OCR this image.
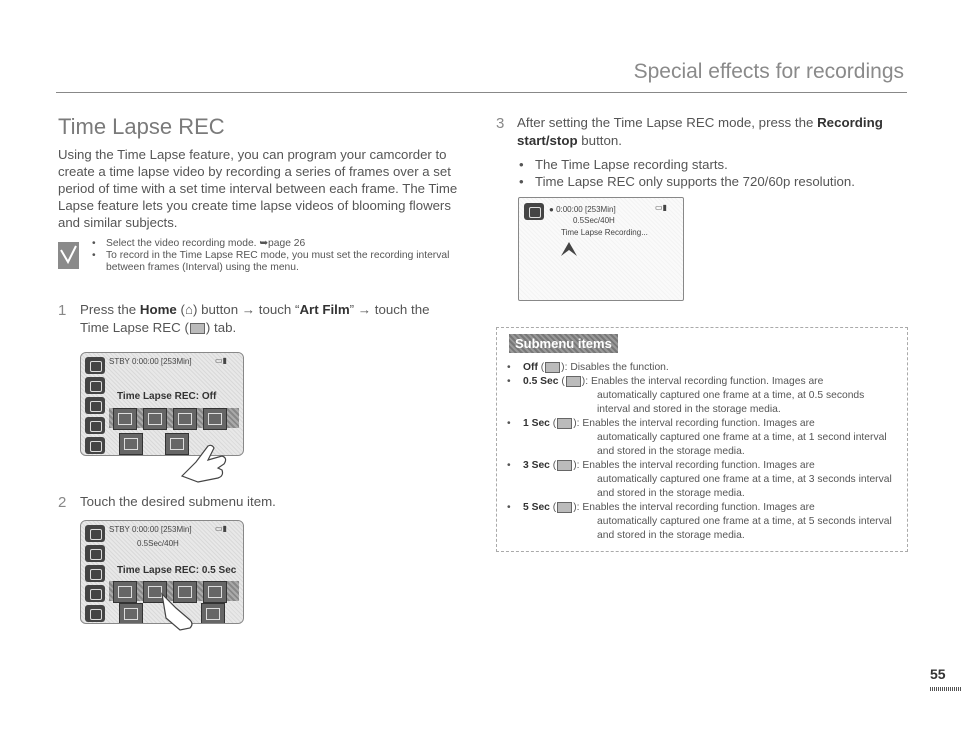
Special effects for recordings
Time Lapse REC
Using the Time Lapse feature, you can program your camcorder to create a time lapse video by recording a series of frames over a set period of time with a set time interval between each frame. The Time Lapse feature lets you create time lapse videos of blooming flowers and similar subjects.
• Select the video recording mode. ➥page 26
• To record in the Time Lapse REC mode, you must set the recording interval between frames (Interval) using the menu.
1 Press the Home (⌂) button → touch “Art Film” → touch the
Time Lapse REC ( ) tab.
STBY 0:00:00 [253Min]	▭▮
Time Lapse REC: Off
2 Touch the desired submenu item.
STBY 0:00:00 [253Min]	▭▮
0.5Sec/40H
Time Lapse REC: 0.5 Sec
3 After setting the Time Lapse REC mode, press the Recording start/stop button.
• The Time Lapse recording starts.
• Time Lapse REC only supports the 720/60p resolution.
● 0:00:00 [253Min]	▭▮
0.5Sec/40H
Time Lapse Recording...
Submenu items
• Off ( ): Disables the function.
• 0.5 Sec ( ): Enables the interval recording function. Images are
automatically captured one frame at a time, at 0.5 seconds interval and stored in the storage media.
• 1 Sec ( ): Enables the interval recording function. Images are
automatically captured one frame at a time, at 1 second interval and stored in the storage media.
• 3 Sec ( ): Enables the interval recording function. Images are
automatically captured one frame at a time, at 3 seconds interval and stored in the storage media.
• 5 Sec ( ): Enables the interval recording function. Images are
automatically captured one frame at a time, at 5 seconds interval and stored in the storage media.
55
